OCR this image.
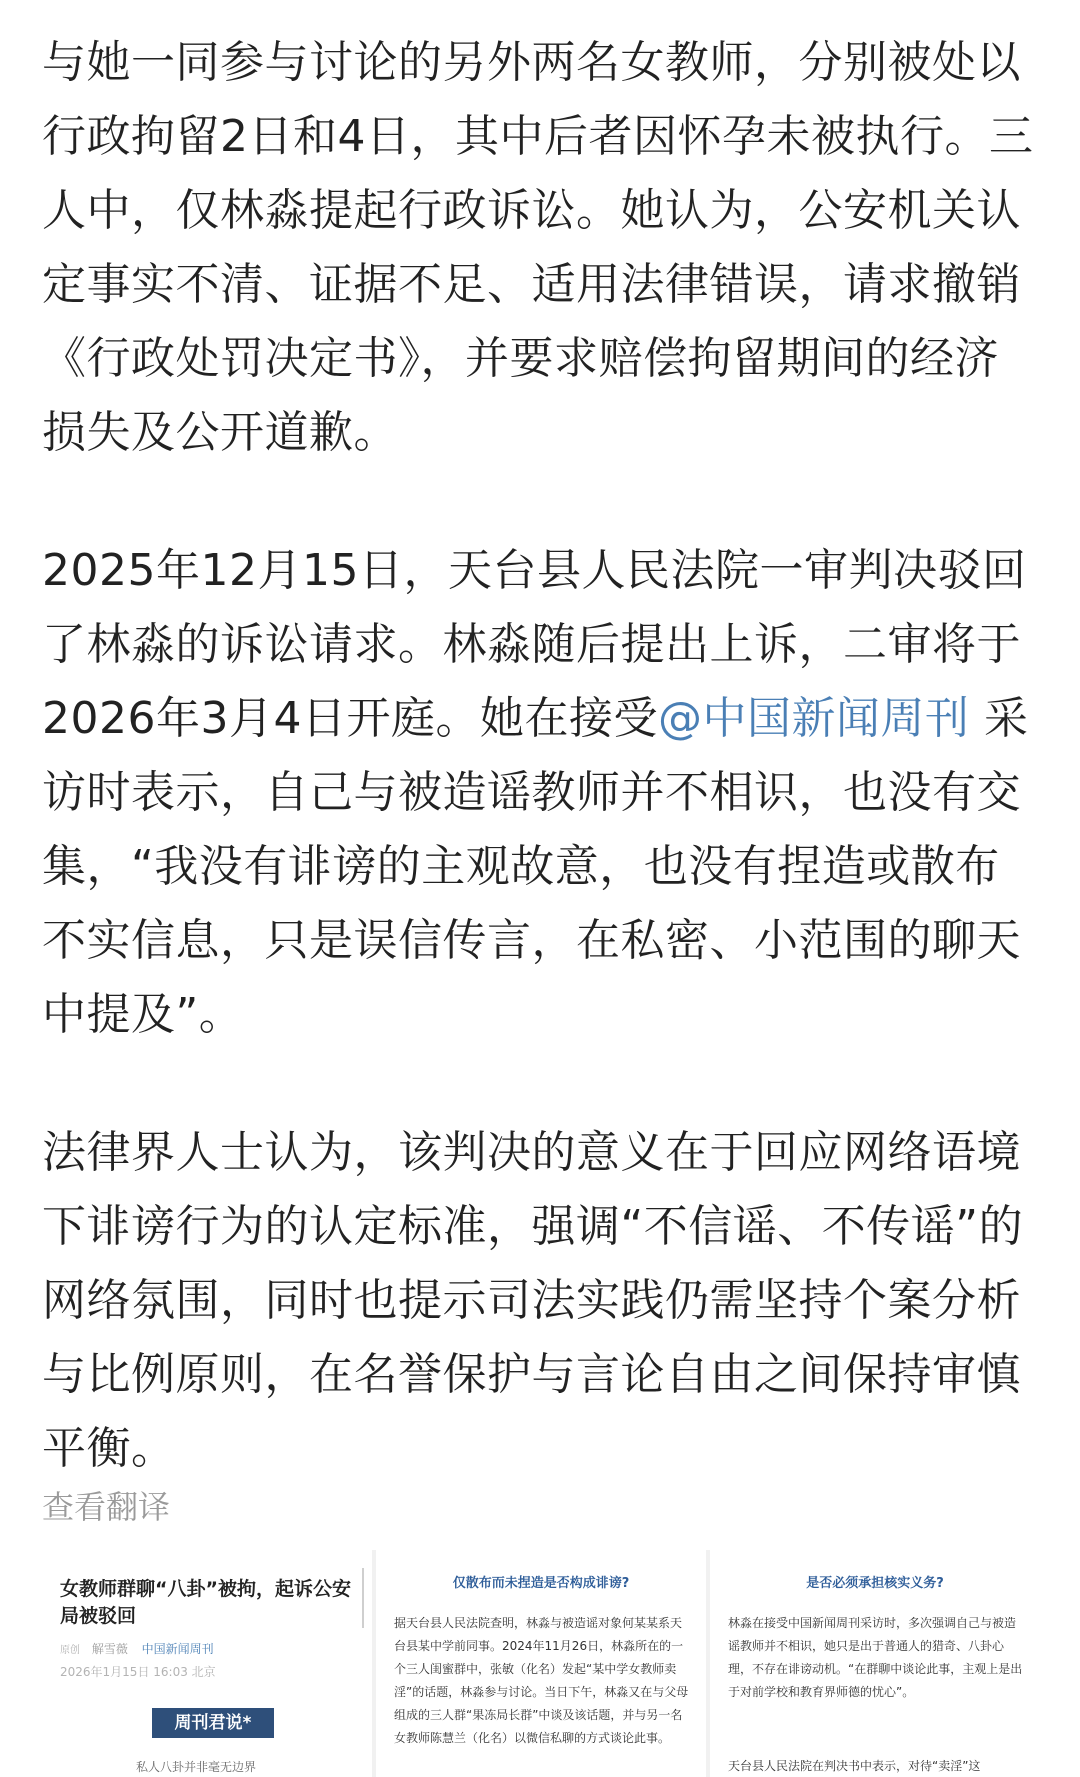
与她一同参与讨论的另外两名女教师，分别被处以行政拘留2日和4日，其中后者因怀孕未被执行。三人中，仅林淼提起行政诉讼。她认为，公安机关认定事实不清、证据不足、适用法律错误，请求撤销《行政处罚决定书》，并要求赔偿拘留期间的经济损失及公开道歉。

2025年12月15日，天台县人民法院一审判决驳回了林淼的诉讼请求。林淼随后提出上诉，二审将于2026年3月4日开庭。她在接受@中国新闻周刊 采访时表示，自己与被造谣教师并不相识，也没有交集，“我没有诽谤的主观故意，也没有捏造或散布不实信息，只是误信传言，在私密、小范围的聊天中提及”。

法律界人士认为，该判决的意义在于回应网络语境下诽谤行为的认定标准，强调“不信谣、不传谣”的网络氛围，同时也提示司法实践仍需坚持个案分析与比例原则，在名誉保护与言论自由之间保持审慎平衡。

查看翻译
女教师群聊“八卦”被拘，起诉公安局被驳回
原创 解雪薇 中国新闻周刊
2026年1月15日 16:03 北京
周刊君说*
私人八卦并非毫无边界
仅散布而未捏造是否构成诽谤?
据天台县人民法院查明，林淼与被造谣对象何某某系天台县某中学前同事。2024年11月26日，林淼所在的一个三人闺蜜群中，张敏（化名）发起“某中学女教师卖淫”的话题，林淼参与讨论。当日下午，林淼又在与父母组成的三人群“果冻局长群”中谈及该话题，并与另一名女教师陈慧兰（化名）以微信私聊的方式谈论此事。
是否必须承担核实义务?
林淼在接受中国新闻周刊采访时，多次强调自己与被造谣教师并不相识，她只是出于普通人的猎奇、八卦心理，不存在诽谤动机。“在群聊中谈论此事，主观上是出于对前学校和教育界师德的忧心”。
天台县人民法院在判决书中表示，对待“卖淫”这
